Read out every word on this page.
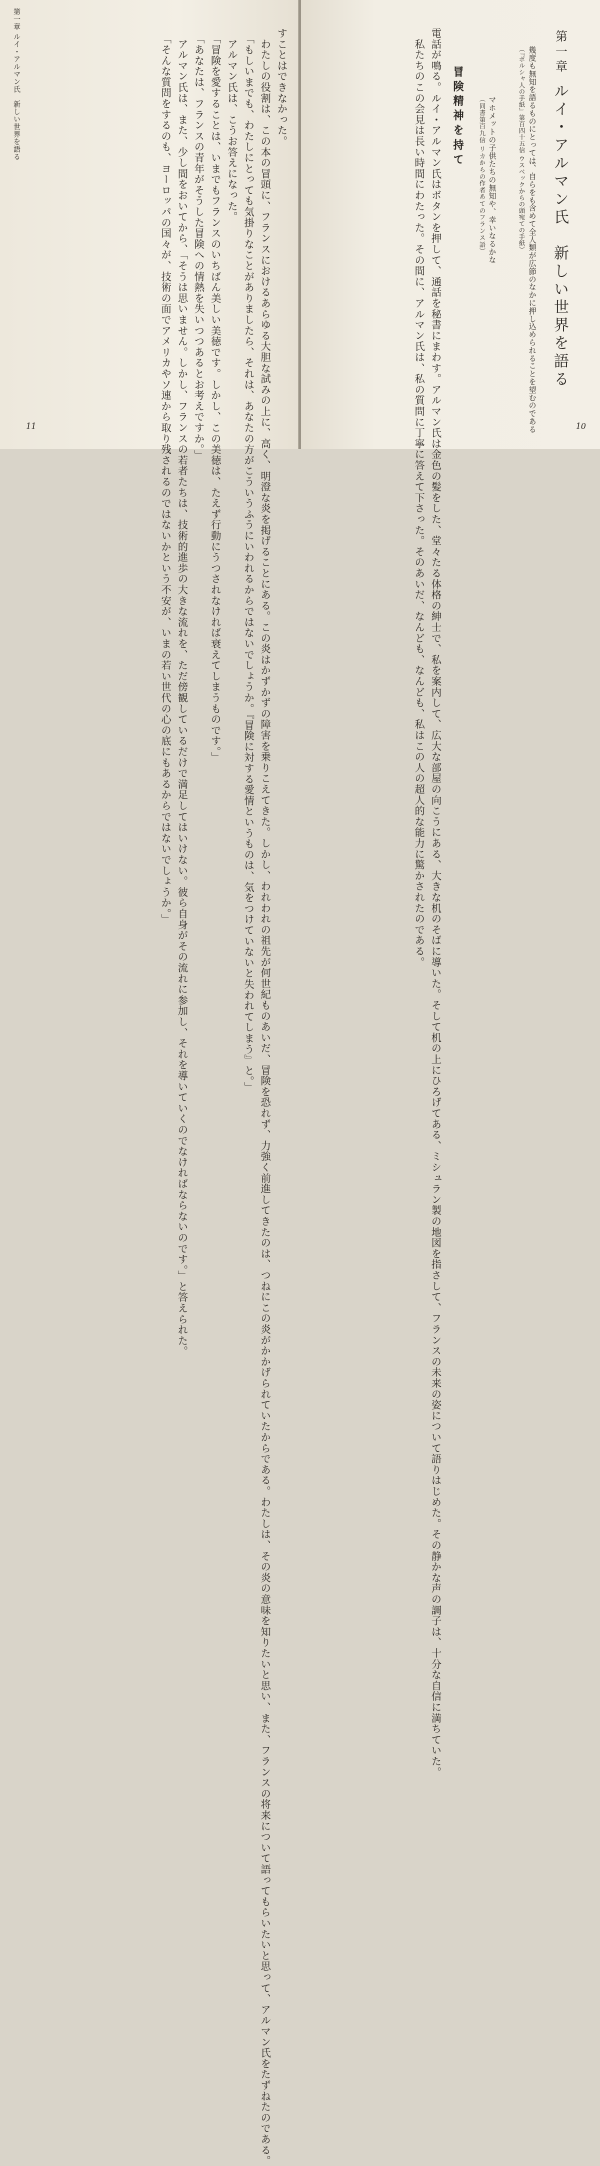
第一章 ルイ・アルマン氏　新しい世界を語る	すことはできなかった。

わたしの役割は、この本の冒頭に、フランスにおけるあらゆる大胆な試みの上に、高く、明澄な炎を掲げることにある。この炎はかずかずの障害を乗りこえてきた。しかし、われわれの祖先が何世紀ものあいだ、冒険を恐れず、力強く前進してきたのは、つねにこの炎がかかげられていたからである。わたしは、その炎の意味を知りたいと思い、また、フランスの将来について語ってもらいたいと思って、アルマン氏をたずねたのである。

「もしいまでも、わたしにとっても気掛りなことがありましたら、それは、あなたの方がこういうふうにいわれるからではないでしょうか。『冒険に対する愛情というものは、気をつけていないと失われてしまう』と。」

アルマン氏は、こうお答えになった。

「冒険を愛することは、いまでもフランスのいちばん美しい美徳です。しかし、この美徳は、たえず行動にうつされなければ衰えてしまうものです。」

「あなたは、フランスの青年がそうした冒険への情熱を失いつつあるとお考えですか。」

アルマン氏は、また、少し間をおいてから、「そうは思いません。しかし、フランスの若者たちは、技術的進歩の大きな流れを、ただ傍観しているだけで満足してはいけない。彼ら自身がその流れに参加し、それを導いていくのでなければならないのです。」と答えられた。

「そんな質問をするのも、ヨーロッパの国々が、技術の面でアメリカやソ連から取り残されるのではないかという不安が、いまの若い世代の心の底にもあるからではないでしょうか。」

11
第一章 ルイ・アルマン氏　新しい世界を語る

幾度も無知を語るものにとっては、自らをも含めて全人類が広節のなかに押し込められることを望むのである

（『ポルシャ人の手紙』第百四十五信 ウスベックからの頭宛ての手紙）

マホメットの子供たちの無知や、幸いなるかな

（同書第百九信 リカからの作者あてのフランス語）

冒険精神を持て

電話が鳴る。ルイ・アルマン氏はボタンを押して、通話を秘書にまわす。アルマン氏は金色の髪をした、堂々たる体格の紳士で、私を案内して、広大な部屋の向こうにある、大きな机のそばに導いた。そして机の上にひろげてある、ミシュラン製の地図を指さして、フランスの未来の姿について語りはじめた。その静かな声の調子は、十分な自信に満ちていた。

私たちのこの会見は長い時間にわたった。その間に、アルマン氏は、私の質問に丁寧に答えて下さった。そのあいだ、なんども、なんども、私はこの人の超人的な能力に驚かされたのである。	10
